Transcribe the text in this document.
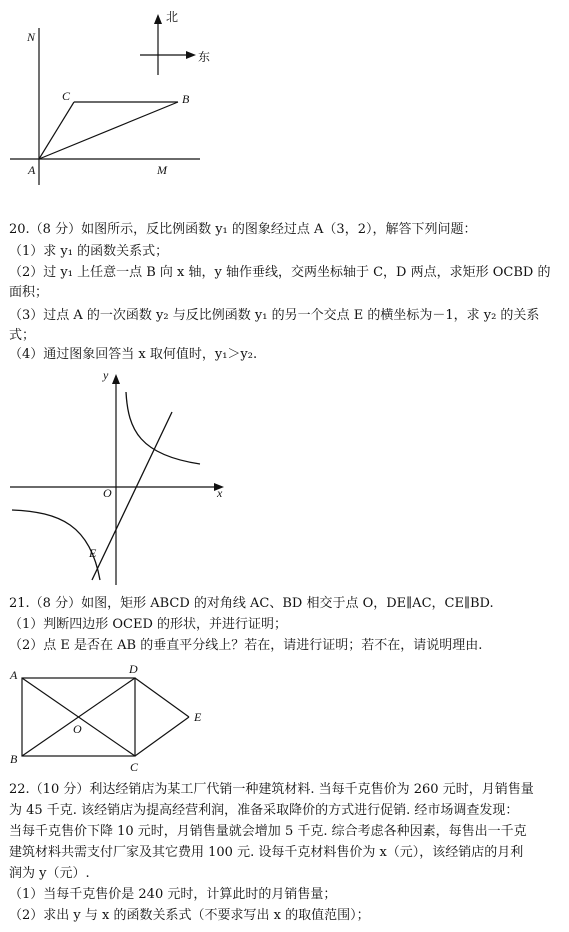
北
东
N
C	B
A	M
20.（8 分）如图所示，反比例函数 y₁ 的图象经过点 A（3，2），解答下列问题：
（1）求 y₁ 的函数关系式；
（2）过 y₁ 上任意一点 B 向 x 轴，y 轴作垂线，交两坐标轴于 C，D 两点，求矩形 OCBD 的
面积；
（3）过点 A 的一次函数 y₂ 与反比例函数 y₁ 的另一个交点 E 的横坐标为－1，求 y₂ 的关系式；
（4）通过图象回答当 x 取何值时，y₁＞y₂.
y
x
O
E
21.（8 分）如图，矩形 ABCD 的对角线 AC、BD 相交于点 O，DE∥AC，CE∥BD.
（1）判断四边形 OCED 的形状，并进行证明；
（2）点 E 是否在 AB 的垂直平分线上？若在，请进行证明；若不在，请说明理由.
A	D
E
O
B
C
22.（10 分）利达经销店为某工厂代销一种建筑材料. 当每千克售价为 260 元时，月销售量
为 45 千克. 该经销店为提高经营利润，准备采取降价的方式进行促销. 经市场调查发现：
当每千克售价下降 10 元时，月销售量就会增加 5 千克. 综合考虑各种因素，每售出一千克
建筑材料共需支付厂家及其它费用 100 元. 设每千克材料售价为 x（元），该经销店的月利
润为 y（元）.
（1）当每千克售价是 240 元时，计算此时的月销售量；
（2）求出 y 与 x 的函数关系式（不要求写出 x 的取值范围）；
